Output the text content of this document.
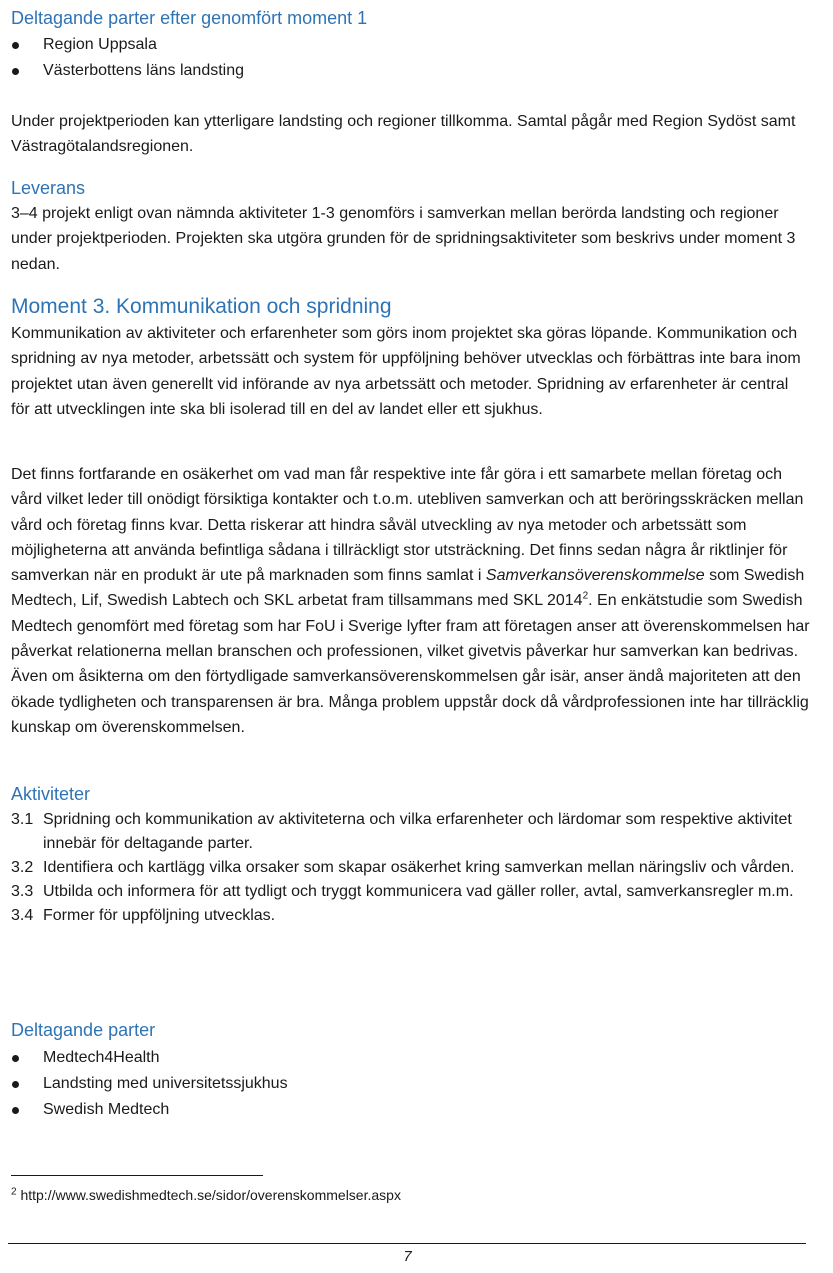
Deltagande parter efter genomfört moment 1
Region Uppsala
Västerbottens läns landsting

Under projektperioden kan ytterligare landsting och regioner tillkomma. Samtal pågår med Region Sydöst samt Västragötalandsregionen.

Leverans

3–4 projekt enligt ovan nämnda aktiviteter 1-3 genomförs i samverkan mellan berörda landsting och regioner under projektperioden. Projekten ska utgöra grunden för de spridningsaktiviteter som beskrivs under moment 3 nedan.

Moment 3. Kommunikation och spridning

Kommunikation av aktiviteter och erfarenheter som görs inom projektet ska göras löpande. Kommunikation och spridning av nya metoder, arbetssätt och system för uppföljning behöver utvecklas och förbättras inte bara inom projektet utan även generellt vid införande av nya arbetssätt och metoder. Spridning av erfarenheter är central för att utvecklingen inte ska bli isolerad till en del av landet eller ett sjukhus.

Det finns fortfarande en osäkerhet om vad man får respektive inte får göra i ett samarbete mellan företag och vård vilket leder till onödigt försiktiga kontakter och t.o.m. utebliven samverkan och att beröringsskräcken mellan vård och företag finns kvar. Detta riskerar att hindra såväl utveckling av nya metoder och arbetssätt som möjligheterna att använda befintliga sådana i tillräckligt stor utsträckning. Det finns sedan några år riktlinjer för samverkan när en produkt är ute på marknaden som finns samlat i Samverkansöverenskommelse som Swedish Medtech, Lif, Swedish Labtech och SKL arbetat fram tillsammans med SKL 2014$^2$. En enkätstudie som Swedish Medtech genomfört med företag som har FoU i Sverige lyfter fram att företagen anser att överenskommelsen har påverkat relationerna mellan branschen och professionen, vilket givetvis påverkar hur samverkan kan bedrivas. Även om åsikterna om den förtydligade samverkansöverenskommelsen går isär, anser ändå majoriteten att den ökade tydligheten och transparensen är bra. Många problem uppstår dock då vårdprofessionen inte har tillräcklig kunskap om överenskommelsen.

Aktiviteter
3.1 Spridning och kommunikation av aktiviteterna och vilka erfarenheter och lärdomar som respektive aktivitet innebär för deltagande parter.
3.2 Identifiera och kartlägg vilka orsaker som skapar osäkerhet kring samverkan mellan näringsliv och vården.
3.3 Utbilda och informera för att tydligt och tryggt kommunicera vad gäller roller, avtal, samverkansregler m.m.
3.4 Former för uppföljning utvecklas.
Deltagande parter
Medtech4Health
Landsting med universitetssjukhus
Swedish Medtech
$^2$ http://www.swedishmedtech.se/sidor/overenskommelser.aspx
7
